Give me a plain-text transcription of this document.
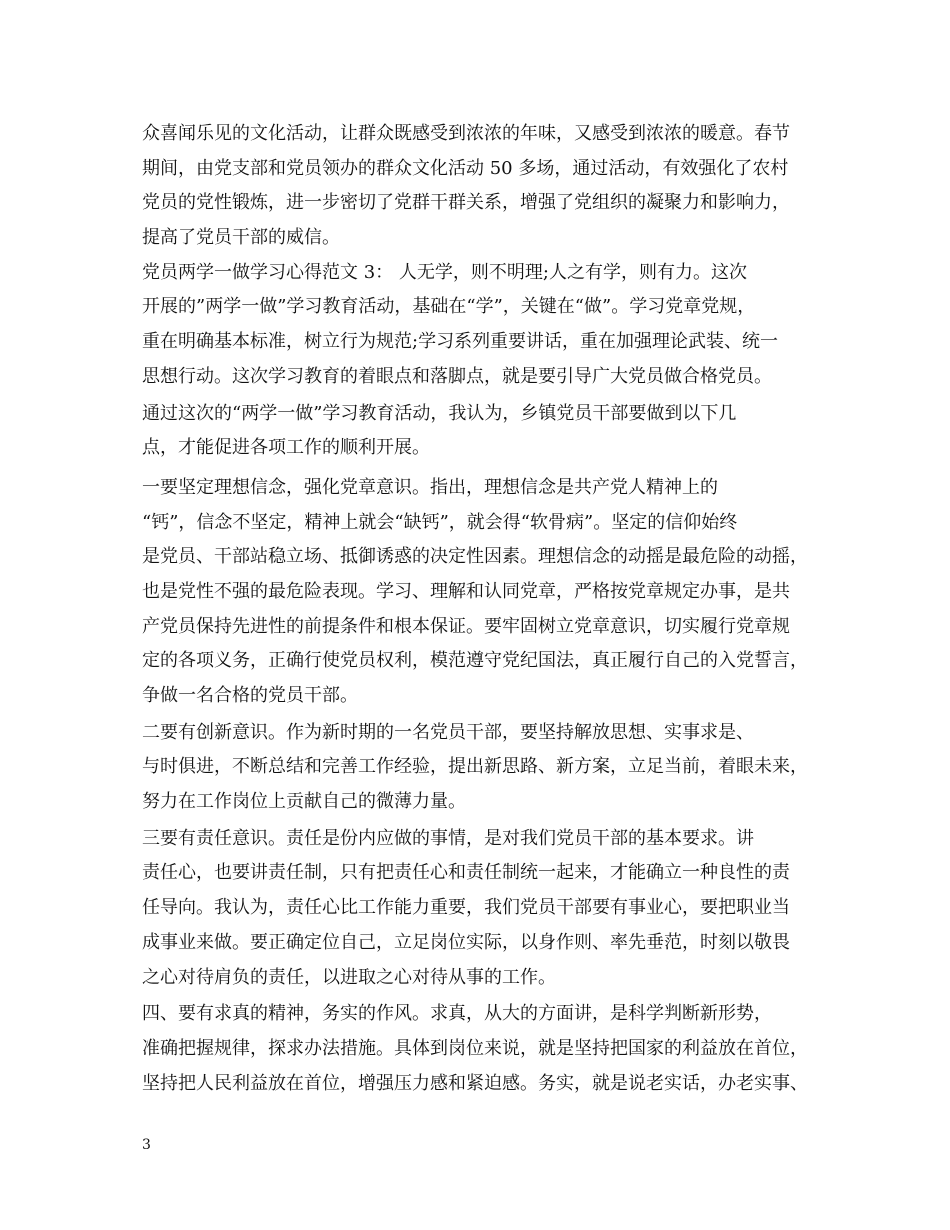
众喜闻乐见的文化活动，让群众既感受到浓浓的年味，又感受到浓浓的暖意。春节
期间，由党支部和党员领办的群众文化活动 50 多场，通过活动，有效强化了农村
党员的党性锻炼，进一步密切了党群干群关系，增强了党组织的凝聚力和影响力，
提高了党员干部的威信。
党员两学一做学习心得范文 3： 人无学，则不明理;人之有学，则有力。这次
开展的”两学一做”学习教育活动，基础在“学”，关键在“做”。学习党章党规，
重在明确基本标准，树立行为规范;学习系列重要讲话，重在加强理论武装、统一
思想行动。这次学习教育的着眼点和落脚点，就是要引导广大党员做合格党员。
通过这次的“两学一做”学习教育活动，我认为，乡镇党员干部要做到以下几
点，才能促进各项工作的顺利开展。
一要坚定理想信念，强化党章意识。指出，理想信念是共产党人精神上的
“钙”，信念不坚定，精神上就会“缺钙”，就会得“软骨病”。坚定的信仰始终
是党员、干部站稳立场、抵御诱惑的决定性因素。理想信念的动摇是最危险的动摇，
也是党性不强的最危险表现。学习、理解和认同党章，严格按党章规定办事，是共
产党员保持先进性的前提条件和根本保证。要牢固树立党章意识，切实履行党章规
定的各项义务，正确行使党员权利，模范遵守党纪国法，真正履行自己的入党誓言，
争做一名合格的党员干部。
二要有创新意识。作为新时期的一名党员干部，要坚持解放思想、实事求是、
与时俱进，不断总结和完善工作经验，提出新思路、新方案，立足当前，着眼未来，
努力在工作岗位上贡献自己的微薄力量。
三要有责任意识。责任是份内应做的事情，是对我们党员干部的基本要求。讲
责任心，也要讲责任制，只有把责任心和责任制统一起来，才能确立一种良性的责
任导向。我认为，责任心比工作能力重要，我们党员干部要有事业心，要把职业当
成事业来做。要正确定位自己，立足岗位实际，以身作则、率先垂范，时刻以敬畏
之心对待肩负的责任，以进取之心对待从事的工作。
四、要有求真的精神，务实的作风。求真，从大的方面讲，是科学判断新形势，
准确把握规律，探求办法措施。具体到岗位来说，就是坚持把国家的利益放在首位，
坚持把人民利益放在首位，增强压力感和紧迫感。务实，就是说老实话，办老实事、
3
